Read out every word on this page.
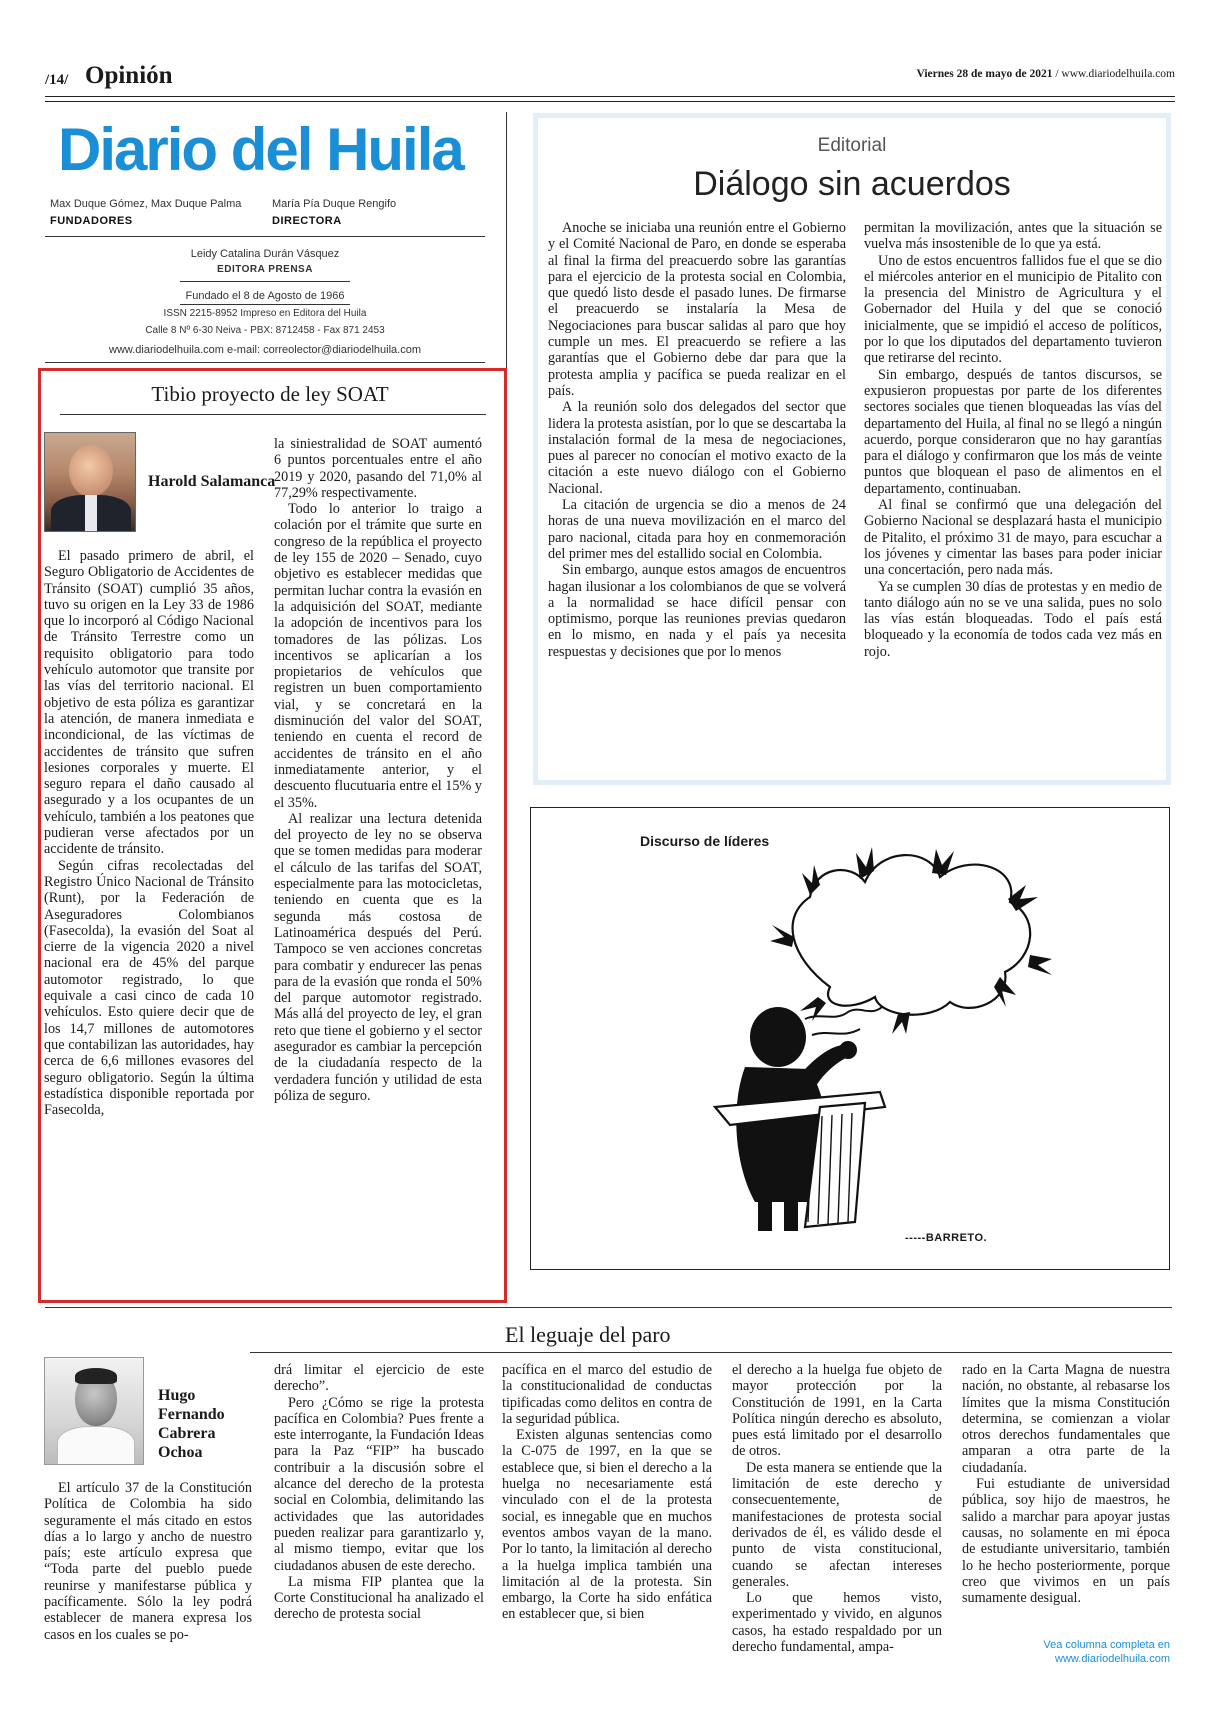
/14/ Opinión	Viernes 28 de mayo de 2021 / www.diariodelhuila.com
Diario del Huila
Max Duque Gómez, Max Duque Palma
FUNDADORES
María Pía Duque Rengifo
DIRECTORA
Leidy Catalina Durán Vásquez
EDITORA PRENSA
Fundado el 8 de Agosto de 1966
ISSN 2215-8952 Impreso en Editora del Huila
Calle 8 Nº 6-30 Neiva - PBX: 8712458 - Fax 871 2453
www.diariodelhuila.com e-mail: correolector@diariodelhuila.com
Tibio proyecto de ley SOAT
Harold Salamanca

El pasado primero de abril, el Seguro Obligatorio de Accidentes de Tránsito (SOAT) cumplió 35 años, tuvo su origen en la Ley 33 de 1986 que lo incorporó al Código Nacional de Tránsito Terrestre como un requisito obligatorio para todo vehículo automotor que transite por las vías del territorio nacional. El objetivo de esta póliza es garantizar la atención, de manera inmediata e incondicional, de las víctimas de accidentes de tránsito que sufren lesiones corporales y muerte. El seguro repara el daño causado al asegurado y a los ocupantes de un vehículo, también a los peatones que pudieran verse afectados por un accidente de tránsito.

Según cifras recolectadas del Registro Único Nacional de Tránsito (Runt), por la Federación de Aseguradores Colombianos (Fasecolda), la evasión del Soat al cierre de la vigencia 2020 a nivel nacional era de 45% del parque automotor registrado, lo que equivale a casi cinco de cada 10 vehículos. Esto quiere decir que de los 14,7 millones de automotores que contabilizan las autoridades, hay cerca de 6,6 millones evasores del seguro obligatorio. Según la última estadística disponible reportada por Fasecolda,

la siniestralidad de SOAT aumentó 6 puntos porcentuales entre el año 2019 y 2020, pasando del 71,0% al 77,29% respectivamente.

Todo lo anterior lo traigo a colación por el trámite que surte en congreso de la república el proyecto de ley 155 de 2020 – Senado, cuyo objetivo es establecer medidas que permitan luchar contra la evasión en la adquisición del SOAT, mediante la adopción de incentivos para los tomadores de las pólizas. Los incentivos se aplicarían a los propietarios de vehículos que registren un buen comportamiento vial, y se concretará en la disminución del valor del SOAT, teniendo en cuenta el record de accidentes de tránsito en el año inmediatamente anterior, y el descuento flucutuaria entre el 15% y el 35%.

Al realizar una lectura detenida del proyecto de ley no se observa que se tomen medidas para moderar el cálculo de las tarifas del SOAT, especialmente para las motocicletas, teniendo en cuenta que es la segunda más costosa de Latinoamérica después del Perú. Tampoco se ven acciones concretas para combatir y endurecer las penas para de la evasión que ronda el 50% del parque automotor registrado. Más allá del proyecto de ley, el gran reto que tiene el gobierno y el sector asegurador es cambiar la percepción de la ciudadanía respecto de la verdadera función y utilidad de esta póliza de seguro.

Editorial
Diálogo sin acuerdos

Anoche se iniciaba una reunión entre el Gobierno y el Comité Nacional de Paro, en donde se esperaba al final la firma del preacuerdo sobre las garantías para el ejercicio de la protesta social en Colombia, que quedó listo desde el pasado lunes. De firmarse el preacuerdo se instalaría la Mesa de Negociaciones para buscar salidas al paro que hoy cumple un mes. El preacuerdo se refiere a las garantías que el Gobierno debe dar para que la protesta amplia y pacífica se pueda realizar en el país.

A la reunión solo dos delegados del sector que lidera la protesta asistían, por lo que se descartaba la instalación formal de la mesa de negociaciones, pues al parecer no conocían el motivo exacto de la citación a este nuevo diálogo con el Gobierno Nacional.

La citación de urgencia se dio a menos de 24 horas de una nueva movilización en el marco del paro nacional, citada para hoy en conmemoración del primer mes del estallido social en Colombia.

Sin embargo, aunque estos amagos de encuentros hagan ilusionar a los colombianos de que se volverá a la normalidad se hace difícil pensar con optimismo, porque las reuniones previas quedaron en lo mismo, en nada y el país ya necesita respuestas y decisiones que por lo menos

permitan la movilización, antes que la situación se vuelva más insostenible de lo que ya está.

Uno de estos encuentros fallidos fue el que se dio el miércoles anterior en el municipio de Pitalito con la presencia del Ministro de Agricultura y el Gobernador del Huila y del que se conoció inicialmente, que se impidió el acceso de políticos, por lo que los diputados del departamento tuvieron que retirarse del recinto.

Sin embargo, después de tantos discursos, se expusieron propuestas por parte de los diferentes sectores sociales que tienen bloqueadas las vías del departamento del Huila, al final no se llegó a ningún acuerdo, porque consideraron que no hay garantías para el diálogo y confirmaron que los más de veinte puntos que bloquean el paso de alimentos en el departamento, continuaban.

Al final se confirmó que una delegación del Gobierno Nacional se desplazará hasta el municipio de Pitalito, el próximo 31 de mayo, para escuchar a los jóvenes y cimentar las bases para poder iniciar una concertación, pero nada más.

Ya se cumplen 30 días de protestas y en medio de tanto diálogo aún no se ve una salida, pues no solo las vías están bloqueadas. Todo el país está bloqueado y la economía de todos cada vez más en rojo.

Discurso de líderes
-----BARRETO.
El leguaje del paro
Hugo
Fernando
Cabrera
Ochoa

El artículo 37 de la Constitución Política de Colombia ha sido seguramente el más citado en estos días a lo largo y ancho de nuestro país; este artículo expresa que “Toda parte del pueblo puede reunirse y manifestarse pública y pacíficamente. Sólo la ley podrá establecer de manera expresa los casos en los cuales se po-

drá limitar el ejercicio de este derecho”.

Pero ¿Cómo se rige la protesta pacífica en Colombia? Pues frente a este interrogante, la Fundación Ideas para la Paz “FIP” ha buscado contribuir a la discusión sobre el alcance del derecho de la protesta social en Colombia, delimitando las actividades que las autoridades pueden realizar para garantizarlo y, al mismo tiempo, evitar que los ciudadanos abusen de este derecho.

La misma FIP plantea que la Corte Constitucional ha analizado el derecho de protesta social

pacífica en el marco del estudio de la constitucionalidad de conductas tipificadas como delitos en contra de la seguridad pública.

Existen algunas sentencias como la C-075 de 1997, en la que se establece que, si bien el derecho a la huelga no necesariamente está vinculado con el de la protesta social, es innegable que en muchos eventos ambos vayan de la mano. Por lo tanto, la limitación al derecho a la huelga implica también una limitación al de la protesta. Sin embargo, la Corte ha sido enfática en establecer que, si bien

el derecho a la huelga fue objeto de mayor protección por la Constitución de 1991, en la Carta Política ningún derecho es absoluto, pues está limitado por el desarrollo de otros.

De esta manera se entiende que la limitación de este derecho y consecuentemente, de manifestaciones de protesta social derivados de él, es válido desde el punto de vista constitucional, cuando se afectan intereses generales.

Lo que hemos visto, experimentado y vivido, en algunos casos, ha estado respaldado por un derecho fundamental, ampa-

rado en la Carta Magna de nuestra nación, no obstante, al rebasarse los límites que la misma Constitución determina, se comienzan a violar otros derechos fundamentales que amparan a otra parte de la ciudadanía.

Fui estudiante de universidad pública, soy hijo de maestros, he salido a marchar para apoyar justas causas, no solamente en mi época de estudiante universitario, también lo he hecho posteriormente, porque creo que vivimos en un país sumamente desigual.

Vea columna completa en
www.diariodelhuila.com
